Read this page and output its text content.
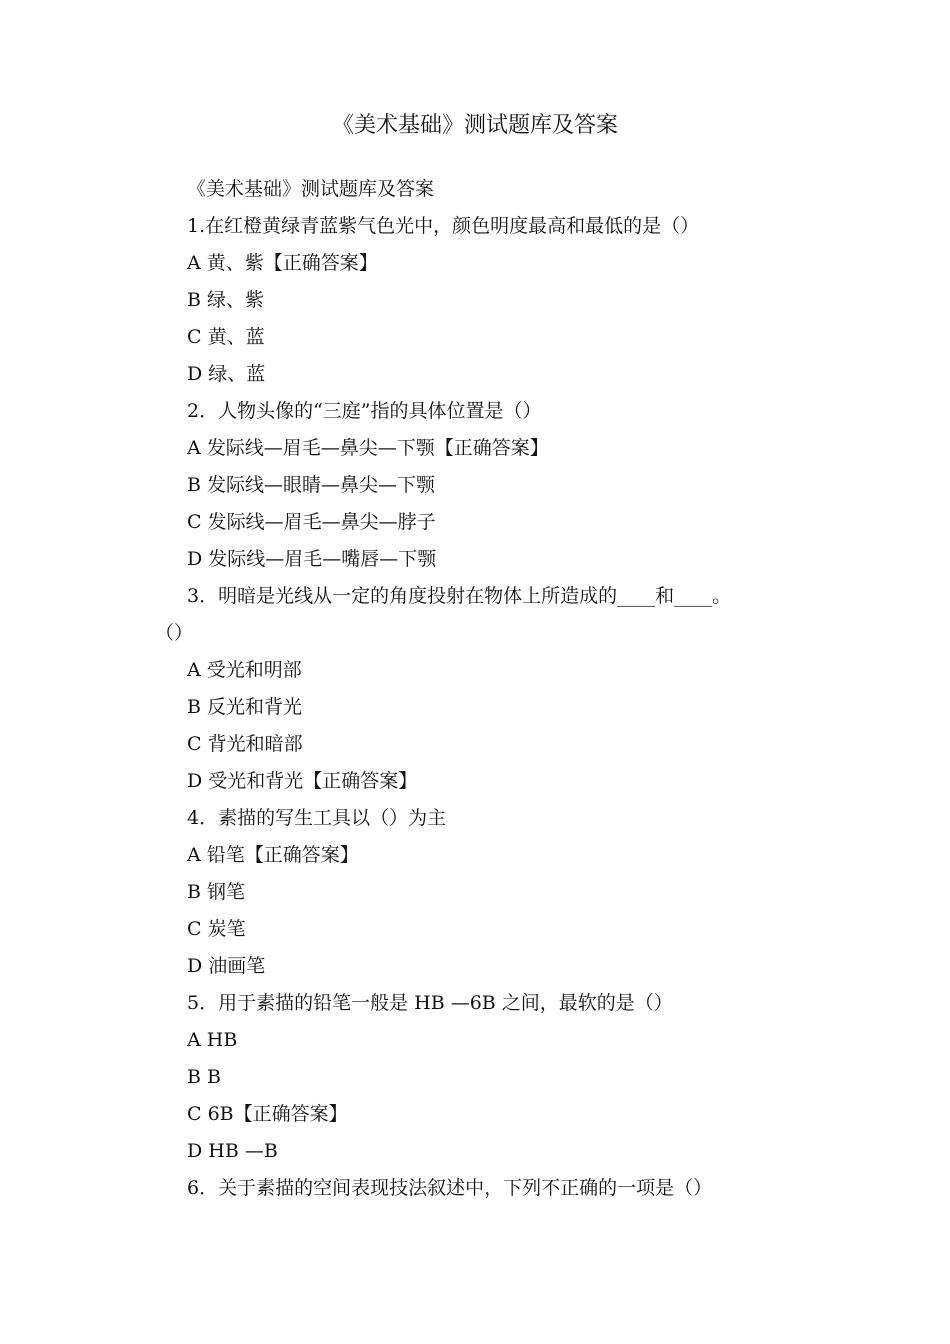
《美术基础》测试题库及答案
《美术基础》测试题库及答案
1.在红橙黄绿青蓝紫气色光中，颜色明度最高和最低的是（）
A 黄、紫【正确答案】
B 绿、紫
C 黄、蓝
D 绿、蓝
2．人物头像的“三庭”指的具体位置是（）
A 发际线—眉毛—鼻尖—下颚【正确答案】
B 发际线—眼睛—鼻尖—下颚
C 发际线—眉毛—鼻尖—脖子
D 发际线—眉毛—嘴唇—下颚
3．明暗是光线从一定的角度投射在物体上所造成的____和____。
（）
A 受光和明部
B 反光和背光
C 背光和暗部
D 受光和背光【正确答案】
4．素描的写生工具以（）为主
A 铅笔【正确答案】
B 钢笔
C 炭笔
D 油画笔
5．用于素描的铅笔一般是 HB —6B 之间，最软的是（）
A HB
B B
C 6B【正确答案】
D HB —B
6．关于素描的空间表现技法叙述中，下列不正确的一项是（）
